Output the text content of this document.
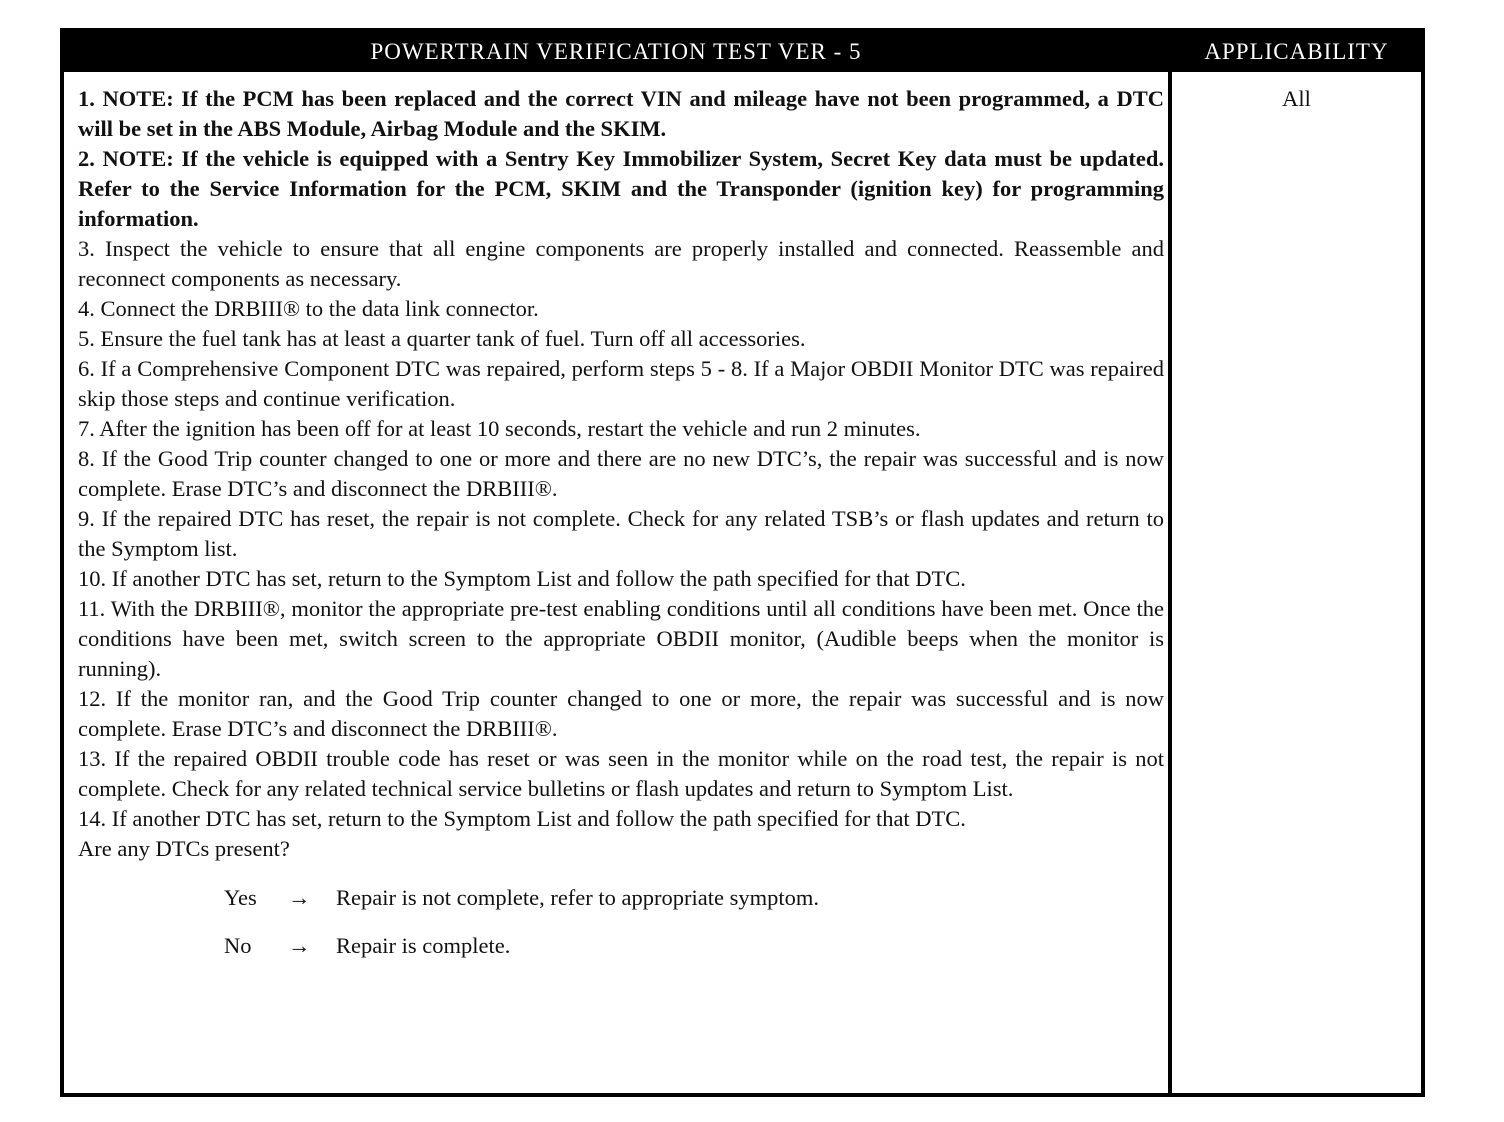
POWERTRAIN VERIFICATION TEST VER - 5	APPLICABILITY

1. NOTE: If the PCM has been replaced and the correct VIN and mileage have not been programmed, a DTC will be set in the ABS Module, Airbag Module and the SKIM.

2. NOTE: If the vehicle is equipped with a Sentry Key Immobilizer System, Secret Key data must be updated. Refer to the Service Information for the PCM, SKIM and the Transponder (ignition key) for programming information.

3. Inspect the vehicle to ensure that all engine components are properly installed and connected. Reassemble and reconnect components as necessary.

4. Connect the DRBIII® to the data link connector.

5. Ensure the fuel tank has at least a quarter tank of fuel. Turn off all accessories.

6. If a Comprehensive Component DTC was repaired, perform steps 5 - 8. If a Major OBDII Monitor DTC was repaired skip those steps and continue verification.

7. After the ignition has been off for at least 10 seconds, restart the vehicle and run 2 minutes.

8. If the Good Trip counter changed to one or more and there are no new DTC’s, the repair was successful and is now complete. Erase DTC’s and disconnect the DRBIII®.

9. If the repaired DTC has reset, the repair is not complete. Check for any related TSB’s or flash updates and return to the Symptom list.

10. If another DTC has set, return to the Symptom List and follow the path specified for that DTC.

11. With the DRBIII®, monitor the appropriate pre-test enabling conditions until all conditions have been met. Once the conditions have been met, switch screen to the appropriate OBDII monitor, (Audible beeps when the monitor is running).

12. If the monitor ran, and the Good Trip counter changed to one or more, the repair was successful and is now complete. Erase DTC’s and disconnect the DRBIII®.

13. If the repaired OBDII trouble code has reset or was seen in the monitor while on the road test, the repair is not complete. Check for any related technical service bulletins or flash updates and return to Symptom List.

14. If another DTC has set, return to the Symptom List and follow the path specified for that DTC.

Are any DTCs present?

Yes → Repair is not complete, refer to appropriate symptom.
No → Repair is complete.
All
